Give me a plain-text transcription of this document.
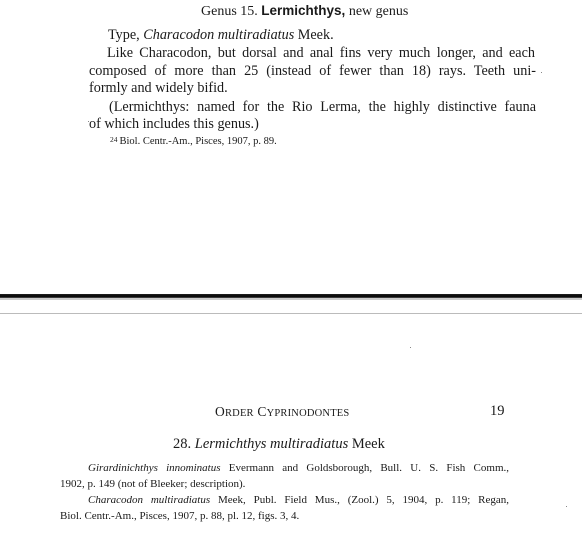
Genus 15. Lermichthys, new genus
Type, Characodon multiradiatus Meek.
Like Characodon, but dorsal and anal fins very much longer, and each
composed of more than 25 (instead of fewer than 18) rays. Teeth uni-
formly and widely bifid.
(Lermichthys: named for the Rio Lerma, the highly distinctive fauna
of which includes this genus.)
$^{24}$ Biol. Centr.-Am., Pisces, 1907, p. 89.
ORDER CYPRINODONTES	19
28. Lermichthys multiradiatus Meek
Girardinichthys innominatus Evermann and Goldsborough, Bull. U. S. Fish Comm.,
1902, p. 149 (not of Bleeker; description).
Characodon multiradiatus Meek, Publ. Field Mus., (Zool.) 5, 1904, p. 119; Regan,
Biol. Centr.-Am., Pisces, 1907, p. 88, pl. 12, figs. 3, 4.
